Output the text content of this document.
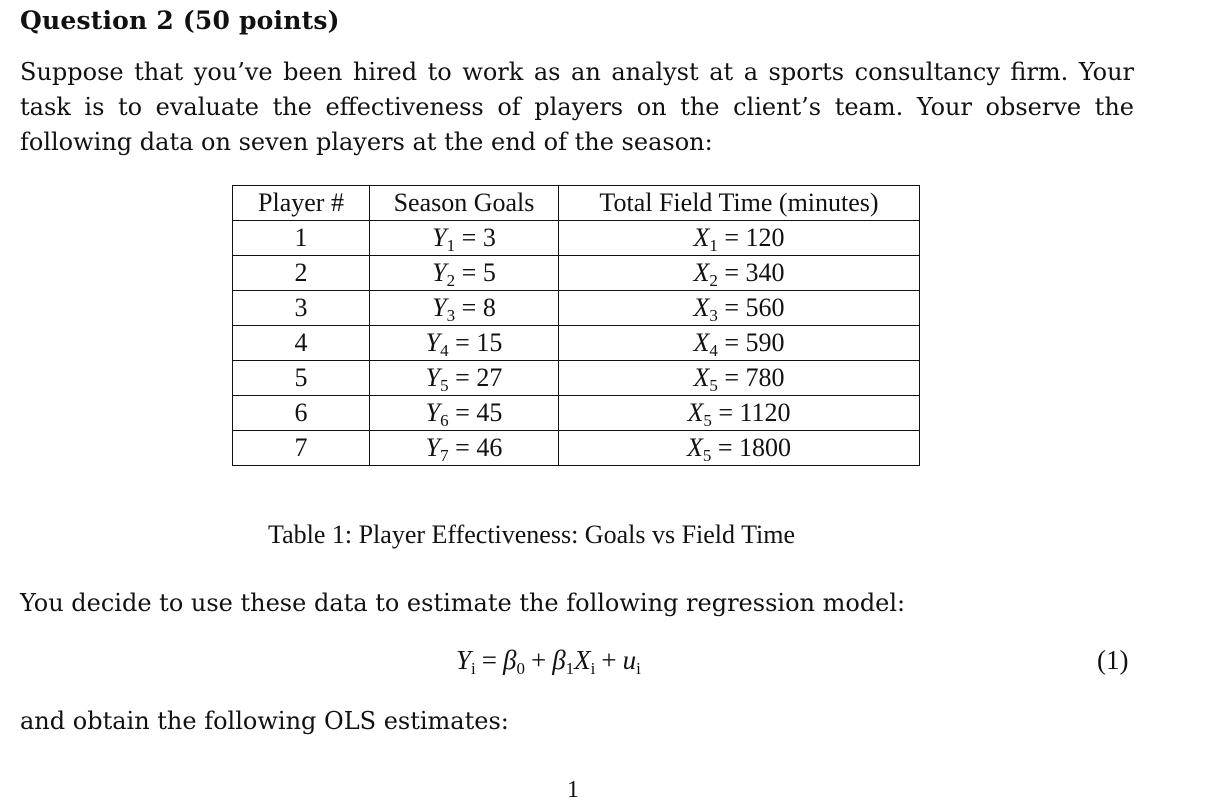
Question 2 (50 points)
Suppose that you’ve been hired to work as an analyst at a sports consultancy firm. Your task is to evaluate the effectiveness of players on the client’s team. Your observe the following data on seven players at the end of the season:
Player #	Season Goals	Total Field Time (minutes)
1	$Y_1 = 3$	$X_1 = 120$
2	$Y_2 = 5$	$X_2 = 340$
3	$Y_3 = 8$	$X_3 = 560$
4	$Y_4 = 15$	$X_4 = 590$
5	$Y_5 = 27$	$X_5 = 780$
6	$Y_6 = 45$	$X_5 = 1120$
7	$Y_7 = 46$	$X_5 = 1800$
Table 1: Player Effectiveness: Goals vs Field Time
You decide to use these data to estimate the following regression model:
$Y_i = \beta_0 + \beta_1X_i + u_i$	(1)
and obtain the following OLS estimates:
1
